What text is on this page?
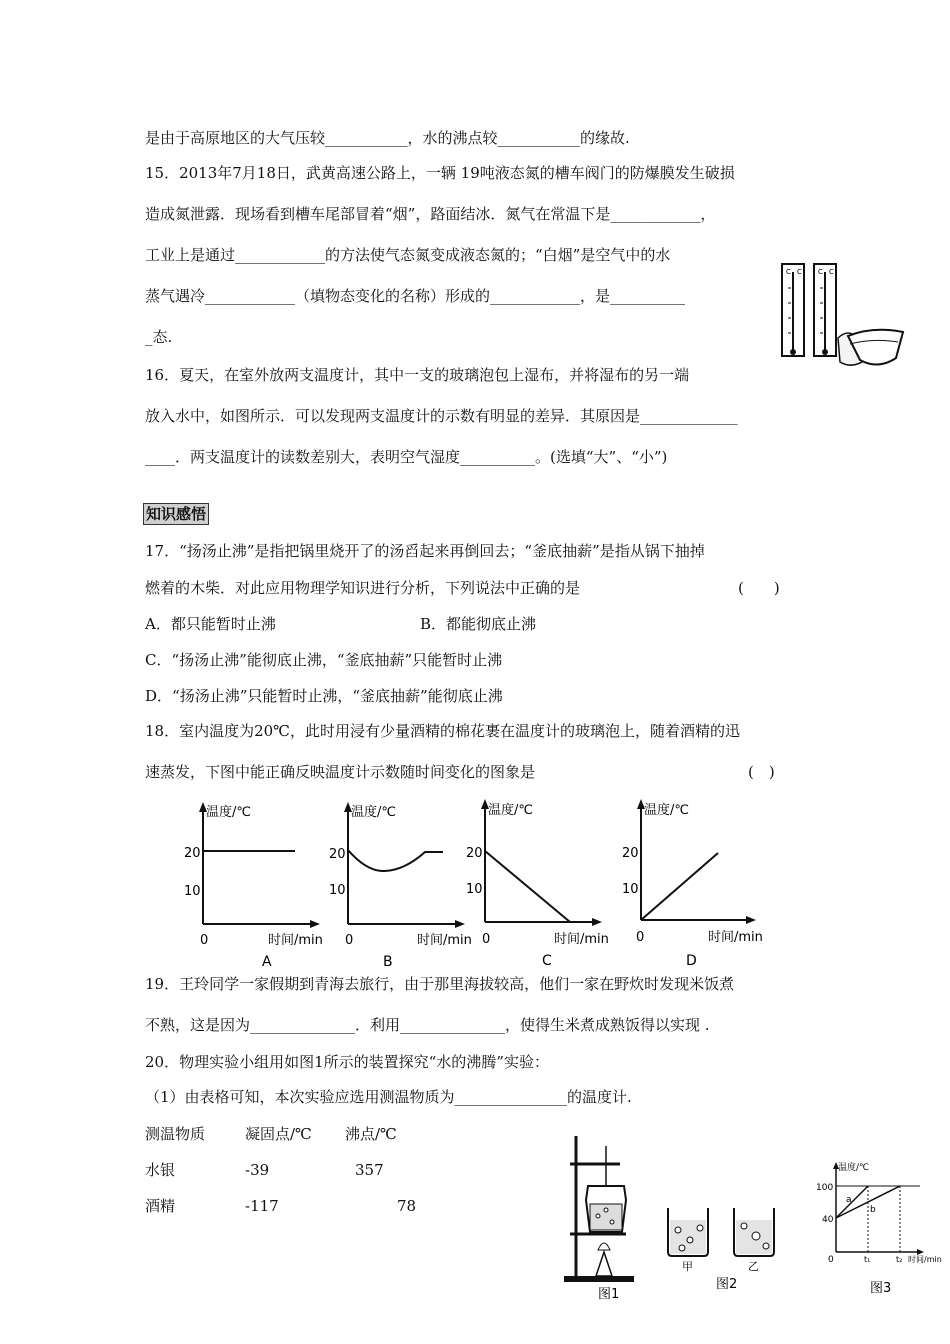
是由于高原地区的大气压较___________，水的沸点较___________的缘故.
15．2013年7月18日，武黄高速公路上，一辆 19吨液态氮的槽车阀门的防爆膜发生破损
造成氮泄露．现场看到槽车尾部冒着“烟”，路面结冰．氮气在常温下是____________，
工业上是通过____________的方法使气态氮变成液态氮的；“白烟”是空气中的水
蒸气遇冷____________（填物态变化的名称）形成的____________，是__________
_态.
16．夏天，在室外放两支温度计，其中一支的玻璃泡包上湿布，并将湿布的另一端
放入水中，如图所示．可以发现两支温度计的示数有明显的差异．其原因是_____________
____．两支温度计的读数差别大，表明空气湿度__________。(选填“大”、“小”)
C C C C
知识感悟
17．“扬汤止沸”是指把锅里烧开了的汤舀起来再倒回去；“釜底抽薪”是指从锅下抽掉
燃着的木柴．对此应用物理学知识进行分析，下列说法中正确的是	(　　)
A．都只能暂时止沸	B．都能彻底止沸
C．“扬汤止沸”能彻底止沸，“釜底抽薪”只能暂时止沸
D．“扬汤止沸”只能暂时止沸，“釜底抽薪”能彻底止沸
18．室内温度为20℃，此时用浸有少量酒精的棉花裹在温度计的玻璃泡上，随着酒精的迅
速蒸发，下图中能正确反映温度计示数随时间变化的图象是	(　)
温度/℃
20
10
0	时间/min
A
温度/℃
20
10
0	时间/min
B
温度/℃
20
10
0	时间/min
C
温度/℃
20
10
0	时间/min
D
19．王玲同学一家假期到青海去旅行，由于那里海拔较高，他们一家在野炊时发现米饭煮
不熟，这是因为______________．利用______________，使得生米煮成熟饭得以实现 .
20．物理实验小组用如图1所示的装置探究“水的沸腾”实验：
（1）由表格可知，本次实验应选用测温物质为_______________的温度计.
测温物质	凝固点/℃ 沸点/℃
水银	-39	357
酒精	-117	78
图1
甲	乙
图2
温度/℃
100
40
0	t₁	t₂ 时间/min
a
b
图3
